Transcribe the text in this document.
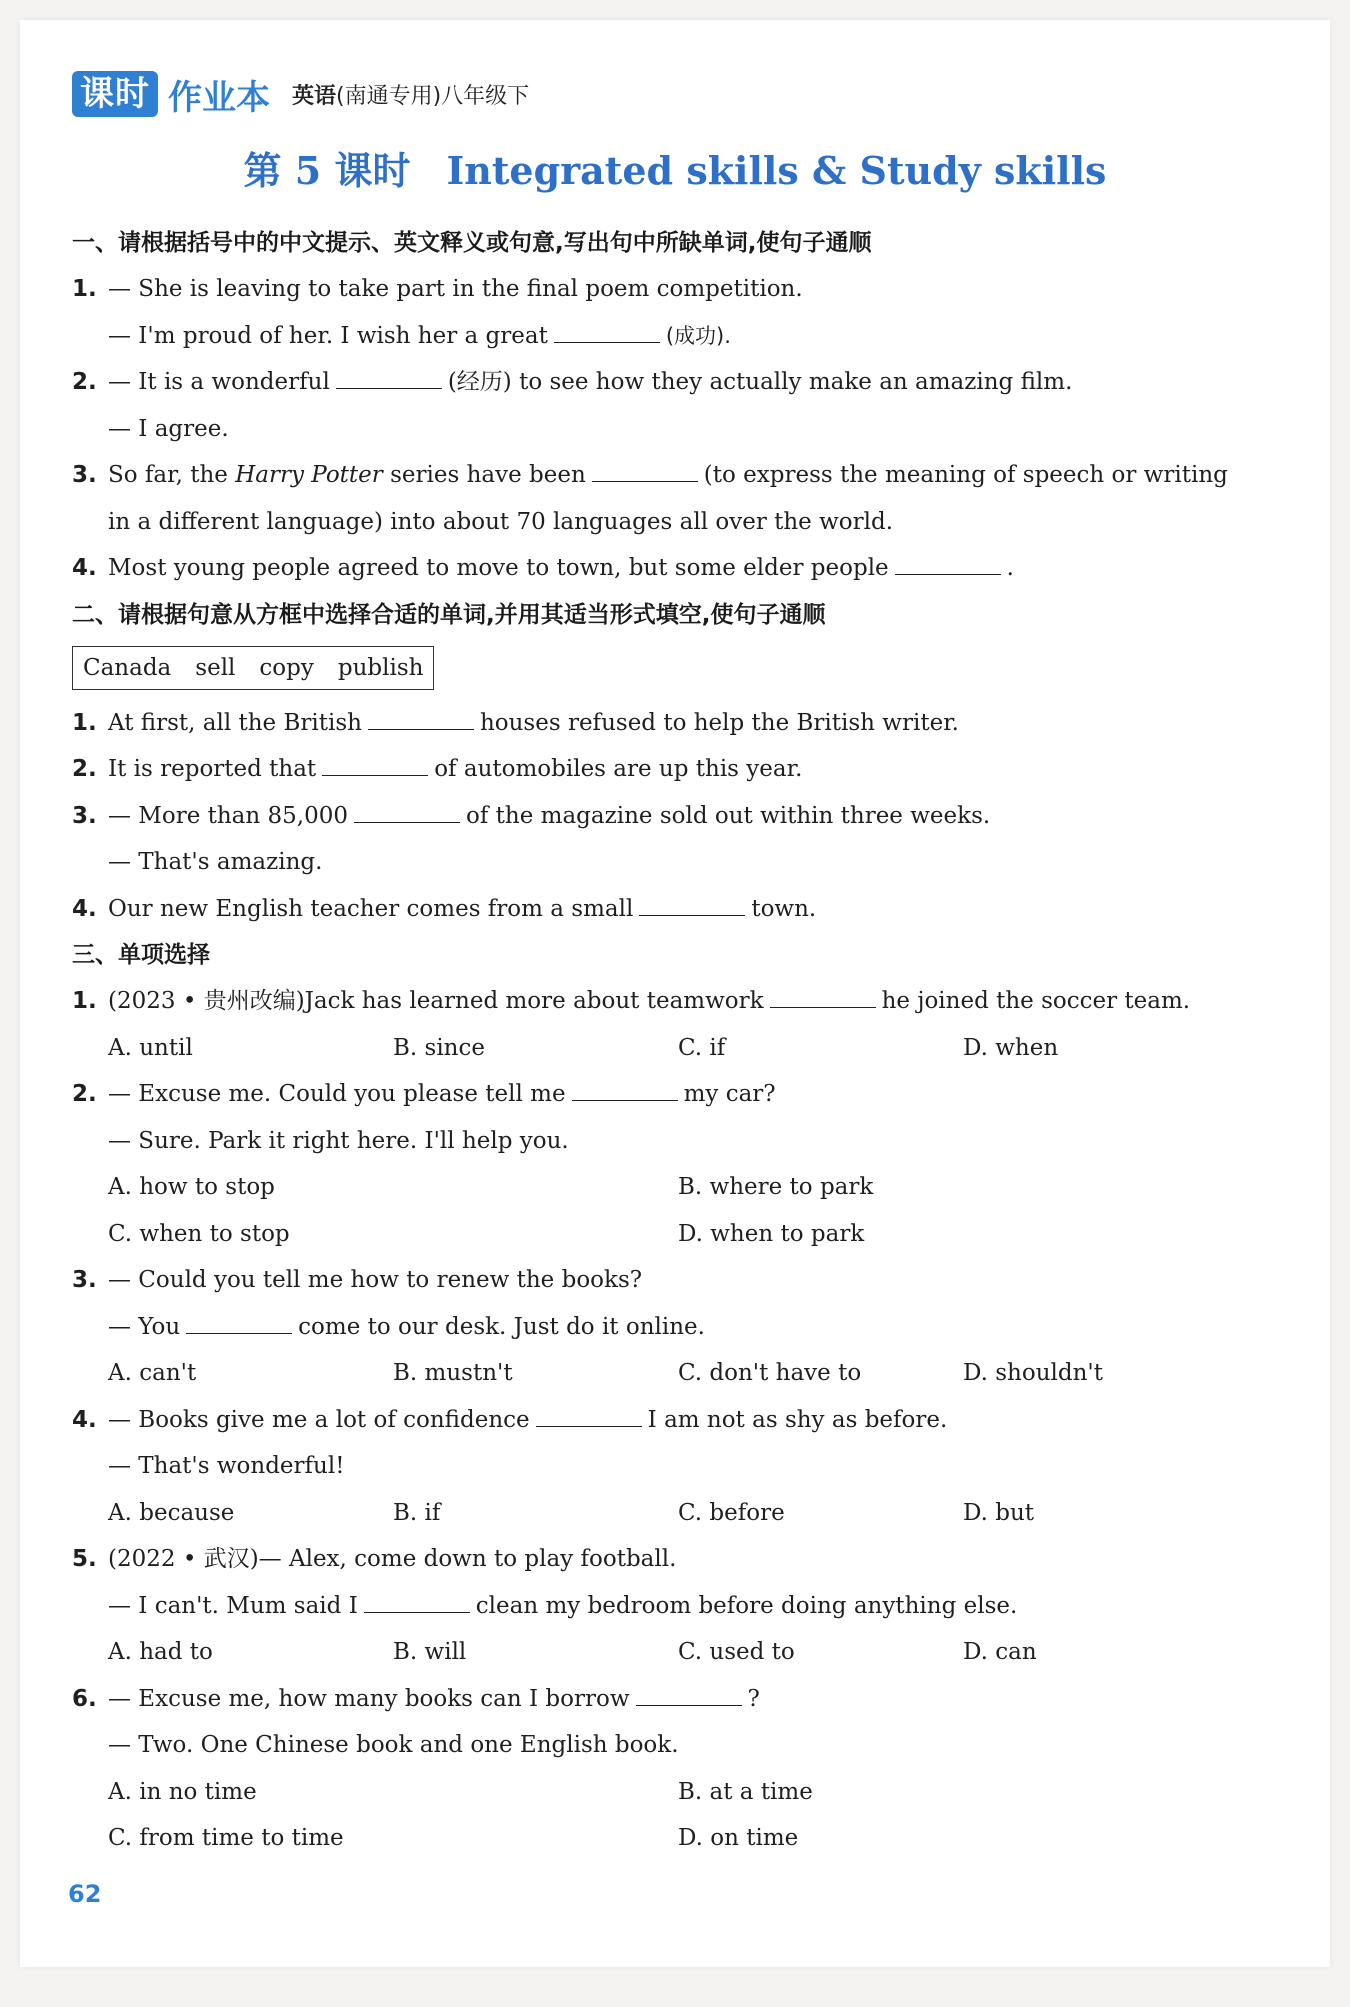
课时 作业本 英语(南通专用)八年级下
第 5 课时 Integrated skills & Study skills
一、请根据括号中的中文提示、英文释义或句意,写出句中所缺单词,使句子通顺
1. — She is leaving to take part in the final poem competition.
— I'm proud of her. I wish her a great	(成功).
2. — It is a wonderful	(经历) to see how they actually make an amazing film.
— I agree.
3. So far, the Harry Potter series have been	(to express the meaning of speech or writing
in a different language) into about 70 languages all over the world.
4. Most young people agreed to move to town, but some elder people	.
二、请根据句意从方框中选择合适的单词,并用其适当形式填空,使句子通顺
Canada sell copy publish
1. At first, all the British	houses refused to help the British writer.
2. It is reported that	of automobiles are up this year.
3. — More than 85,000	of the magazine sold out within three weeks.
— That's amazing.
4. Our new English teacher comes from a small	town.
三、单项选择
1. (2023 • 贵州改编)Jack has learned more about teamwork	he joined the soccer team.
A. until	B. since	C. if	D. when
2. — Excuse me. Could you please tell me	my car?
— Sure. Park it right here. I'll help you.
A. how to stop	B. where to park
C. when to stop	D. when to park
3. — Could you tell me how to renew the books?
— You	come to our desk. Just do it online.
A. can't	B. mustn't	C. don't have to	D. shouldn't
4. — Books give me a lot of confidence	I am not as shy as before.
— That's wonderful!
A. because	B. if	C. before	D. but
5. (2022 • 武汉)— Alex, come down to play football.
— I can't. Mum said I	clean my bedroom before doing anything else.
A. had to	B. will	C. used to	D. can
6. — Excuse me, how many books can I borrow	?
— Two. One Chinese book and one English book.
A. in no time	B. at a time
C. from time to time	D. on time
62
